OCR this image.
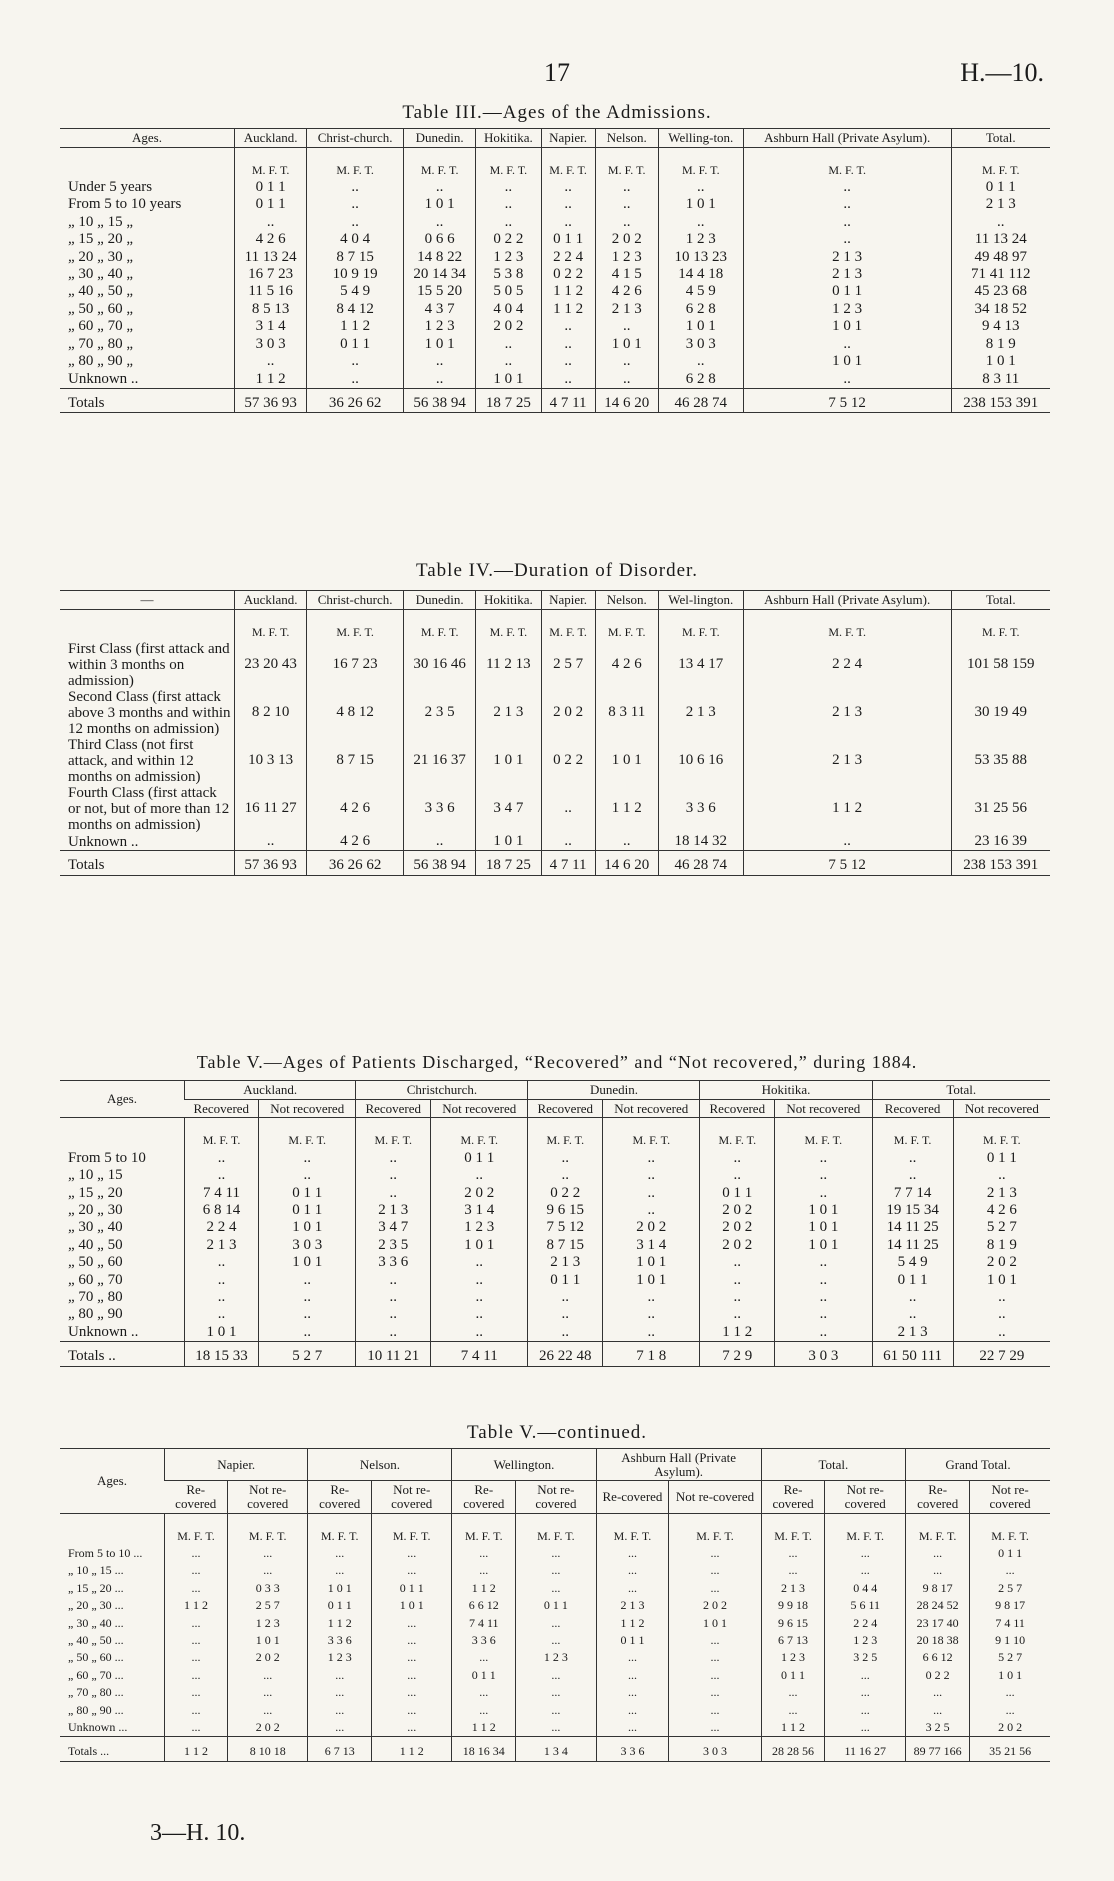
17	H.—10.
Table III.—Ages of the Admissions.
Ages.	Auckland.	Christ-church.	Dunedin.	Hokitika.	Napier.	Nelson.	Welling-ton.	Ashburn Hall (Private Asylum).	Total.
	M. F. T.	M. F. T.	M. F. T.	M. F. T.	M. F. T.	M. F. T.	M. F. T.	M. F. T.	M. F. T.
Under 5 years	0 1 1	..	..	..	..	..	..	..	0 1 1
From 5 to 10 years	0 1 1	..	1 0 1	..	..	..	1 0 1	..	2 1 3
„ 10 „ 15 „	..	..	..	..	..	..	..	..	..
„ 15 „ 20 „	4 2 6	4 0 4	0 6 6	0 2 2	0 1 1	2 0 2	1 2 3	..	11 13 24
„ 20 „ 30 „	11 13 24	8 7 15	14 8 22	1 2 3	2 2 4	1 2 3	10 13 23	2 1 3	49 48 97
„ 30 „ 40 „	16 7 23	10 9 19	20 14 34	5 3 8	0 2 2	4 1 5	14 4 18	2 1 3	71 41 112
„ 40 „ 50 „	11 5 16	5 4 9	15 5 20	5 0 5	1 1 2	4 2 6	4 5 9	0 1 1	45 23 68
„ 50 „ 60 „	8 5 13	8 4 12	4 3 7	4 0 4	1 1 2	2 1 3	6 2 8	1 2 3	34 18 52
„ 60 „ 70 „	3 1 4	1 1 2	1 2 3	2 0 2	..	..	1 0 1	1 0 1	9 4 13
„ 70 „ 80 „	3 0 3	0 1 1	1 0 1	..	..	1 0 1	3 0 3	..	8 1 9
„ 80 „ 90 „	..	..	..	..	..	..	..	1 0 1	1 0 1
Unknown ..	1 1 2	..	..	1 0 1	..	..	6 2 8	..	8 3 11
Totals	57 36 93	36 26 62	56 38 94	18 7 25	4 7 11	14 6 20	46 28 74	7 5 12	238 153 391
Table IV.—Duration of Disorder.
—	Auckland.	Christ-church.	Dunedin.	Hokitika.	Napier.	Nelson.	Wel-lington.	Ashburn Hall (Private Asylum).	Total.
	M. F. T.	M. F. T.	M. F. T.	M. F. T.	M. F. T.	M. F. T.	M. F. T.	M. F. T.	M. F. T.
First Class (first attack and within 3 months on admission)	23 20 43	16 7 23	30 16 46	11 2 13	2 5 7	4 2 6	13 4 17	2 2 4	101 58 159
Second Class (first attack above 3 months and within 12 months on admission)	8 2 10	4 8 12	2 3 5	2 1 3	2 0 2	8 3 11	2 1 3	2 1 3	30 19 49
Third Class (not first attack, and within 12 months on admission)	10 3 13	8 7 15	21 16 37	1 0 1	0 2 2	1 0 1	10 6 16	2 1 3	53 35 88
Fourth Class (first attack or not, but of more than 12 months on admission)	16 11 27	4 2 6	3 3 6	3 4 7	..	1 1 2	3 3 6	1 1 2	31 25 56
Unknown ..	..	4 2 6	..	1 0 1	..	..	18 14 32	..	23 16 39
Totals	57 36 93	36 26 62	56 38 94	18 7 25	4 7 11	14 6 20	46 28 74	7 5 12	238 153 391
Table V.—Ages of Patients Discharged, “Recovered” and “Not recovered,” during 1884.
Ages.	Auckland.		Christchurch.		Dunedin.		Hokitika.		Total.	
	Recovered	Not recovered	Recovered	Not recovered	Recovered	Not recovered	Recovered	Not recovered	Recovered	Not recovered
	M. F. T.	M. F. T.	M. F. T.	M. F. T.	M. F. T.	M. F. T.	M. F. T.	M. F. T.	M. F. T.	M. F. T.
From 5 to 10	..	..	..	0 1 1	..	..	..	..	..	0 1 1
„ 10 „ 15	..	..	..	..	..	..	..	..	..	..
„ 15 „ 20	7 4 11	0 1 1	..	2 0 2	0 2 2	..	0 1 1	..	7 7 14	2 1 3
„ 20 „ 30	6 8 14	0 1 1	2 1 3	3 1 4	9 6 15	..	2 0 2	1 0 1	19 15 34	4 2 6
„ 30 „ 40	2 2 4	1 0 1	3 4 7	1 2 3	7 5 12	2 0 2	2 0 2	1 0 1	14 11 25	5 2 7
„ 40 „ 50	2 1 3	3 0 3	2 3 5	1 0 1	8 7 15	3 1 4	2 0 2	1 0 1	14 11 25	8 1 9
„ 50 „ 60	..	1 0 1	3 3 6	..	2 1 3	1 0 1	..	..	5 4 9	2 0 2
„ 60 „ 70	..	..	..	..	0 1 1	1 0 1	..	..	0 1 1	1 0 1
„ 70 „ 80	..	..	..	..	..	..	..	..	..	..
„ 80 „ 90	..	..	..	..	..	..	..	..	..	..
Unknown ..	1 0 1	..	..	..	..	..	1 1 2	..	2 1 3	..
Totals ..	18 15 33	5 2 7	10 11 21	7 4 11	26 22 48	7 1 8	7 2 9	3 0 3	61 50 111	22 7 29
Table V.—continued.
Ages.	Napier.		Nelson.		Wellington.		Ashburn Hall (Private Asylum).		Total.		Grand Total.	
	Re-covered	Not re-covered	Re-covered	Not re-covered	Re-covered	Not re-covered	Re-covered	Not re-covered	Re-covered	Not re-covered	Re-covered	Not re-covered
	M. F. T.	M. F. T.	M. F. T.	M. F. T.	M. F. T.	M. F. T.	M. F. T.	M. F. T.	M. F. T.	M. F. T.	M. F. T.	M. F. T.
From 5 to 10 ...	...	...	...	...	...	...	...	...	...	...	...	0 1 1
„ 10 „ 15 ...	...	...	...	...	...	...	...	...	...	...	...	...
„ 15 „ 20 ...	...	0 3 3	1 0 1	0 1 1	1 1 2	...	...	...	2 1 3	0 4 4	9 8 17	2 5 7
„ 20 „ 30 ...	1 1 2	2 5 7	0 1 1	1 0 1	6 6 12	0 1 1	2 1 3	2 0 2	9 9 18	5 6 11	28 24 52	9 8 17
„ 30 „ 40 ...	...	1 2 3	1 1 2	...	7 4 11	...	1 1 2	1 0 1	9 6 15	2 2 4	23 17 40	7 4 11
„ 40 „ 50 ...	...	1 0 1	3 3 6	...	3 3 6	...	0 1 1	...	6 7 13	1 2 3	20 18 38	9 1 10
„ 50 „ 60 ...	...	2 0 2	1 2 3	...	...	1 2 3	...	...	1 2 3	3 2 5	6 6 12	5 2 7
„ 60 „ 70 ...	...	...	...	...	0 1 1	...	...	...	0 1 1	...	0 2 2	1 0 1
„ 70 „ 80 ...	...	...	...	...	...	...	...	...	...	...	...	...
„ 80 „ 90 ...	...	...	...	...	...	...	...	...	...	...	...	...
Unknown ...	...	2 0 2	...	...	1 1 2	...	...	...	1 1 2	...	3 2 5	2 0 2
Totals ...	1 1 2	8 10 18	6 7 13	1 1 2	18 16 34	1 3 4	3 3 6	3 0 3	28 28 56	11 16 27	89 77 166	35 21 56
3—H. 10.
